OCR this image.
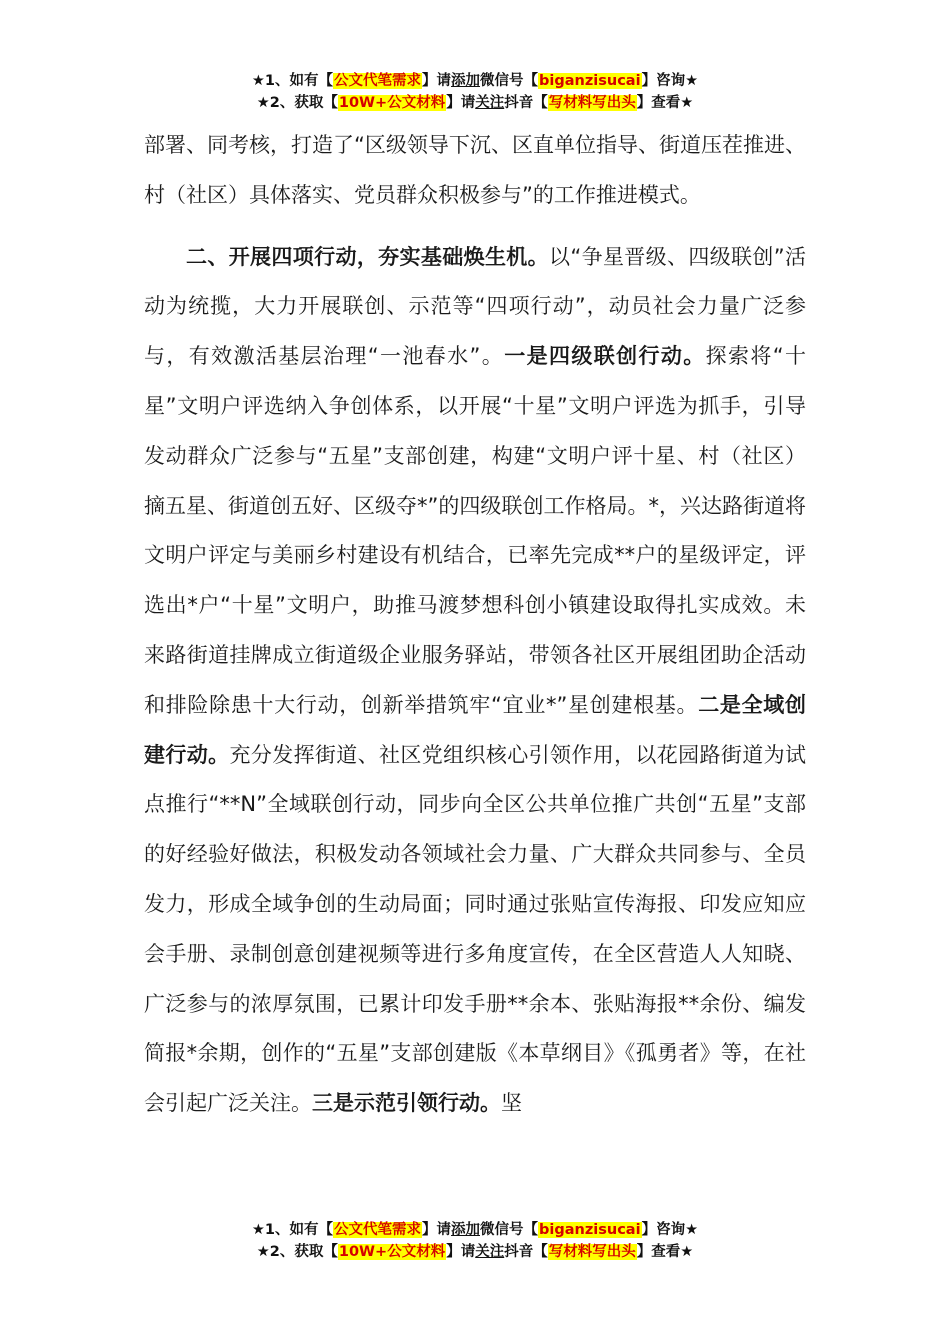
★1、如有【公文代笔需求】请添加微信号【biganzisucai】咨询★
★2、获取【10W+公文材料】请关注抖音【写材料写出头】查看★

部署、同考核，打造了“区级领导下沉、区直单位指导、街道压茬推进、村（社区）具体落实、党员群众积极参与”的工作推进模式。

二、开展四项行动，夯实基础焕生机。以“争星晋级、四级联创”活动为统揽，大力开展联创、示范等“四项行动”，动员社会力量广泛参与，有效激活基层治理“一池春水”。一是四级联创行动。探索将“十星”文明户评选纳入争创体系，以开展“十星”文明户评选为抓手，引导发动群众广泛参与“五星”支部创建，构建“文明户评十星、村（社区）摘五星、街道创五好、区级夺*”的四级联创工作格局。*，兴达路街道将文明户评定与美丽乡村建设有机结合，已率先完成**户的星级评定，评选出*户“十星”文明户，助推马渡梦想科创小镇建设取得扎实成效。未来路街道挂牌成立街道级企业服务驿站，带领各社区开展组团助企活动和排险除患十大行动，创新举措筑牢“宜业*”星创建根基。二是全域创建行动。充分发挥街道、社区党组织核心引领作用，以花园路街道为试点推行“**N”全域联创行动，同步向全区公共单位推广共创“五星”支部的好经验好做法，积极发动各领域社会力量、广大群众共同参与、全员发力，形成全域争创的生动局面；同时通过张贴宣传海报、印发应知应会手册、录制创意创建视频等进行多角度宣传，在全区营造人人知晓、广泛参与的浓厚氛围，已累计印发手册**余本、张贴海报**余份、编发简报*余期，创作的“五星”支部创建版《本草纲目》《孤勇者》等，在社会引起广泛关注。三是示范引领行动。坚

★1、如有【公文代笔需求】请添加微信号【biganzisucai】咨询★
★2、获取【10W+公文材料】请关注抖音【写材料写出头】查看★
